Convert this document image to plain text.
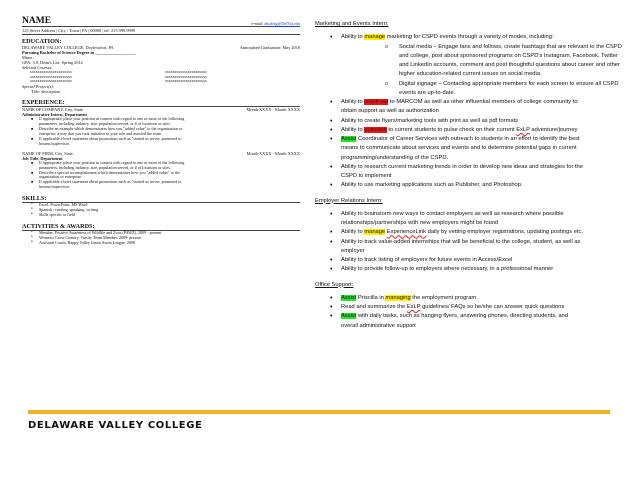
NAME	e-mail: abcdefg@DelVal.edu
123 Street Address | City / Town | PA | 00000 | tel: 215.999.9999
EDUCATION:
DELAWARE VALLEY COLLEGE, Doylestown, PA	Anticipated Graduation: May 2016
Pursuing Bachelor of Science Degree in ___________________
Minor:
GPA: 3.0; Dean's List: Spring 2012
Selected Courses:
xxxxxxxxxxxxxxxxxxxxxx	xxxxxxxxxxxxxxxxxxxxxx
xxxxxxxxxxxxxxxxxxxxxx	xxxxxxxxxxxxxxxxxxxxxx
xxxxxxxxxxxxxxxxxxxxxx	xxxxxxxxxxxxxxxxxxxxxx
Special Project(s):
Title: description
EXPERIENCE:
NAME OF COMPANY, City, State	Month XXXX - Month XXXX
Administrative Intern, Department
■ If appropriate, place your position in context with regard to one or more of the following
parameters, including industry, size, population served, or # of locations or sites.
■ Describe an example which demonstrates how you "added value" to the organization or
enterprise; a way that you took initiative in your role and assisted the team
■ If applicable a brief statement about promotions such as "started as server, promoted to
hostess/supervisor.
NAME OF FIRM, City, State	Month XXXX - Month XXXX
Job Title, Department
■ If appropriate, place your position in context with regard to one or more of the following
parameters, including industry, size, population served, or # of locations or sites.
■ Describe a special accomplishment which demonstrates how you "added value" to the
organization or enterprise.
■ If applicable a brief statement about promotions such as "started as server, promoted to
hostess/supervisor.
SKILLS:
• Excel, PowerPoint, MS Word
• Spanish - reading, speaking, writing
• Skills specific to field
ACTIVITIES & AWARDS:
• Member, Positive Awareness of Wildlife and Zoos (PAWZ), 2009 - present
• Women's Cross Country, Varsity Team Member, 2009- present
• Assistant Coach, Happy Valley Junior Swim League, 2008
Marketing and Events Intern:
• Ability to manage marketing for CSPD events through a variety of modes, including:
o Social media – Engage fans and follows, create hashtags that are relevant to the CSPD
and college, post about sponsored programs on CSPD's Instagram, Facebook, Twitter
and LinkedIn accounts, comment and post thoughtful questions about career and other
higher education-related current issues on social media.
o Digital signage – Contacting appropriate members for each screen to ensure all CSPD
events are up-to-date.
• Ability to reach out to MARCOM as well as other influential members of college community to
obtain support as well as authorization
• Ability to create flyers/marketing tools with print as well as pdf formats
• Ability to outreach to current students to pulse check on their current ExLP adventure/journey
• Assist Coordinator of Career Services with outreach to students in an effort to identify the best
means to communicate about services and events and to determine potential gaps in current
programming/understanding of the CSPD.
• Ability to research current marketing trends in order to develop new ideas and strategies for the
CSPD to implement
• Ability to use marketing applications such as Publisher, and Photoshop.
Employer Relations Intern:
• Ability to brainstorm new ways to contact employers as well as research where possible
relationships/partnerships with new employers might be found
• Ability to manage ExperienceLink daily by vetting employer registrations, updating postings etc.
• Ability to track value-added internships that will be beneficial to the college, student, as well as
employer
• Ability to track listing of employers for future events in Access/Excel
• Ability to provide follow-up to employers where necessary, in a professional manner
Office Support:
• Assist Priscilla in managing the employment program
• Read and summarize the ExLP guidelines/ FAQs so he/she can answer quick questions
• Assist with daily tasks, such as hanging flyers, answering phones, directing students, and
overall administrative support
DELAWARE VALLEY COLLEGE
